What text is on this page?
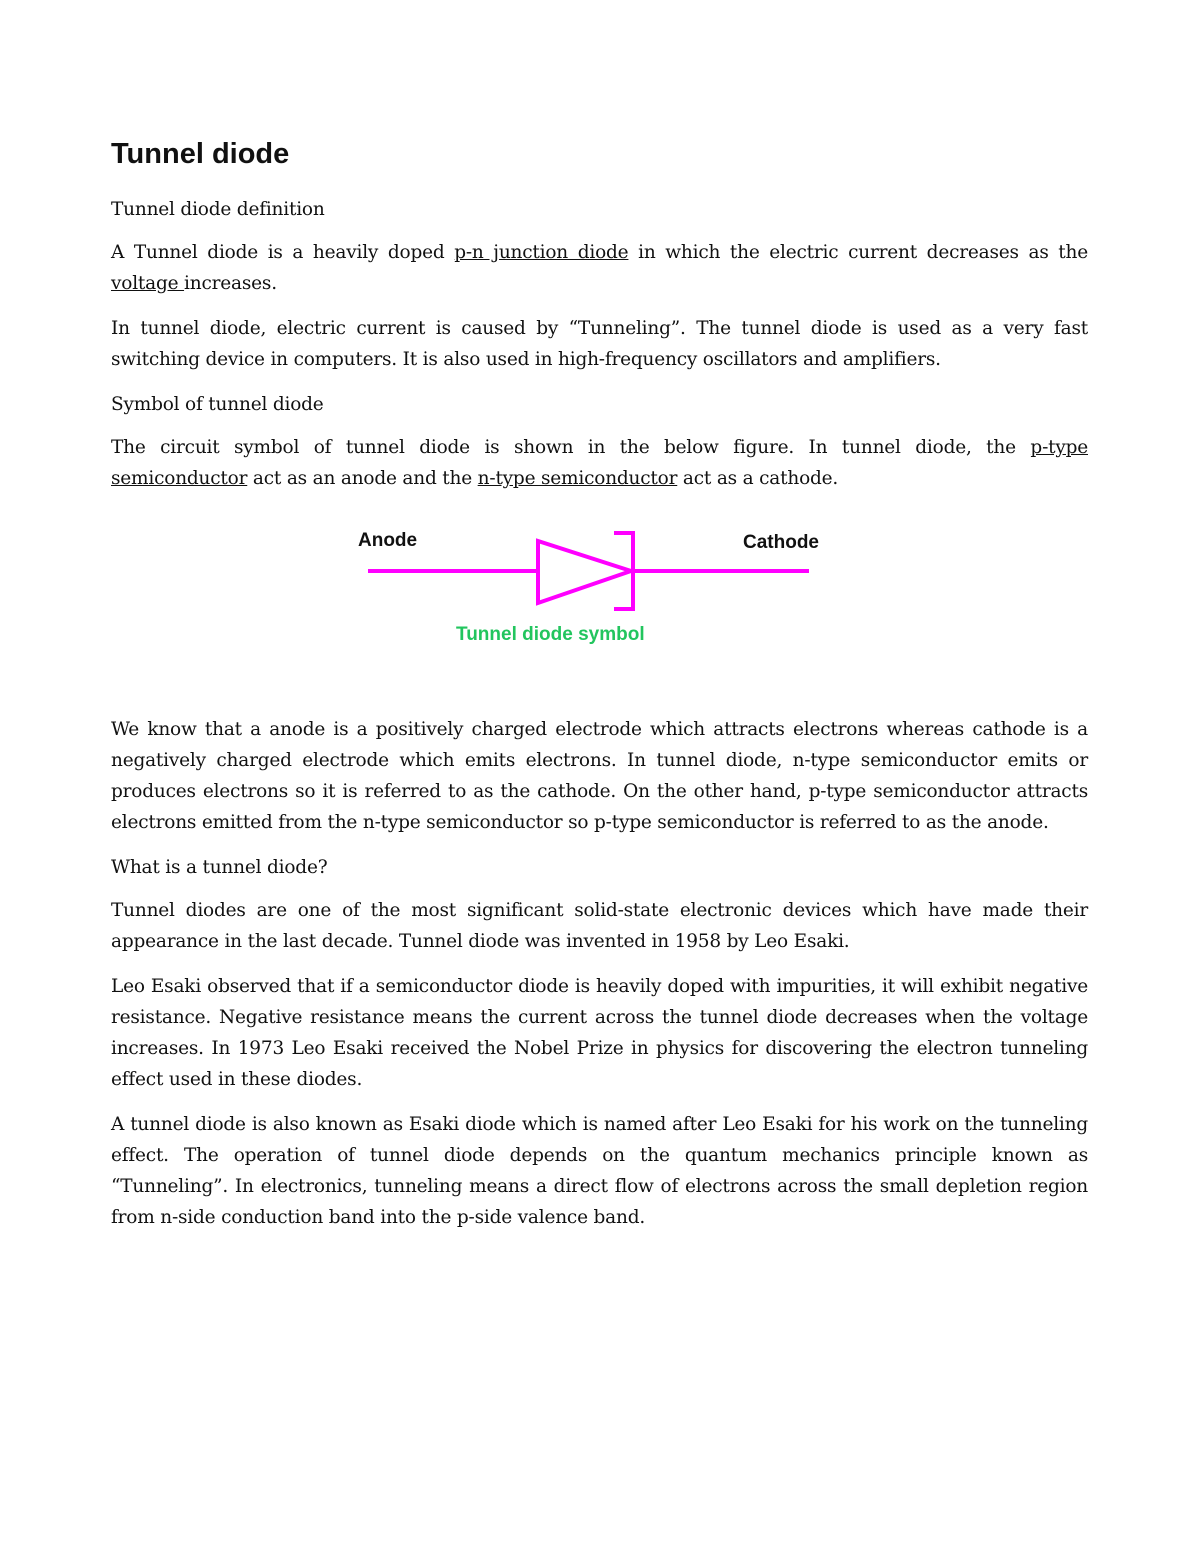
Tunnel diode
Tunnel diode definition

A Tunnel diode is a heavily doped p-n junction diode in which the electric current decreases as the voltage increases.

In tunnel diode, electric current is caused by “Tunneling”. The tunnel diode is used as a very fast switching device in computers. It is also used in high-frequency oscillators and amplifiers.

Symbol of tunnel diode

The circuit symbol of tunnel diode is shown in the below figure. In tunnel diode, the p-type semiconductor act as an anode and the n-type semiconductor act as a cathode.

Anode	Cathode
Tunnel diode symbol

We know that a anode is a positively charged electrode which attracts electrons whereas cathode is a negatively charged electrode which emits electrons. In tunnel diode, n-type semiconductor emits or produces electrons so it is referred to as the cathode. On the other hand, p-type semiconductor attracts electrons emitted from the n-type semiconductor so p-type semiconductor is referred to as the anode.

What is a tunnel diode?

Tunnel diodes are one of the most significant solid-state electronic devices which have made their appearance in the last decade. Tunnel diode was invented in 1958 by Leo Esaki.

Leo Esaki observed that if a semiconductor diode is heavily doped with impurities, it will exhibit negative resistance. Negative resistance means the current across the tunnel diode decreases when the voltage increases. In 1973 Leo Esaki received the Nobel Prize in physics for discovering the electron tunneling effect used in these diodes.

A tunnel diode is also known as Esaki diode which is named after Leo Esaki for his work on the tunneling effect. The operation of tunnel diode depends on the quantum mechanics principle known as “Tunneling”. In electronics, tunneling means a direct flow of electrons across the small depletion region from n-side conduction band into the p-side valence band.
